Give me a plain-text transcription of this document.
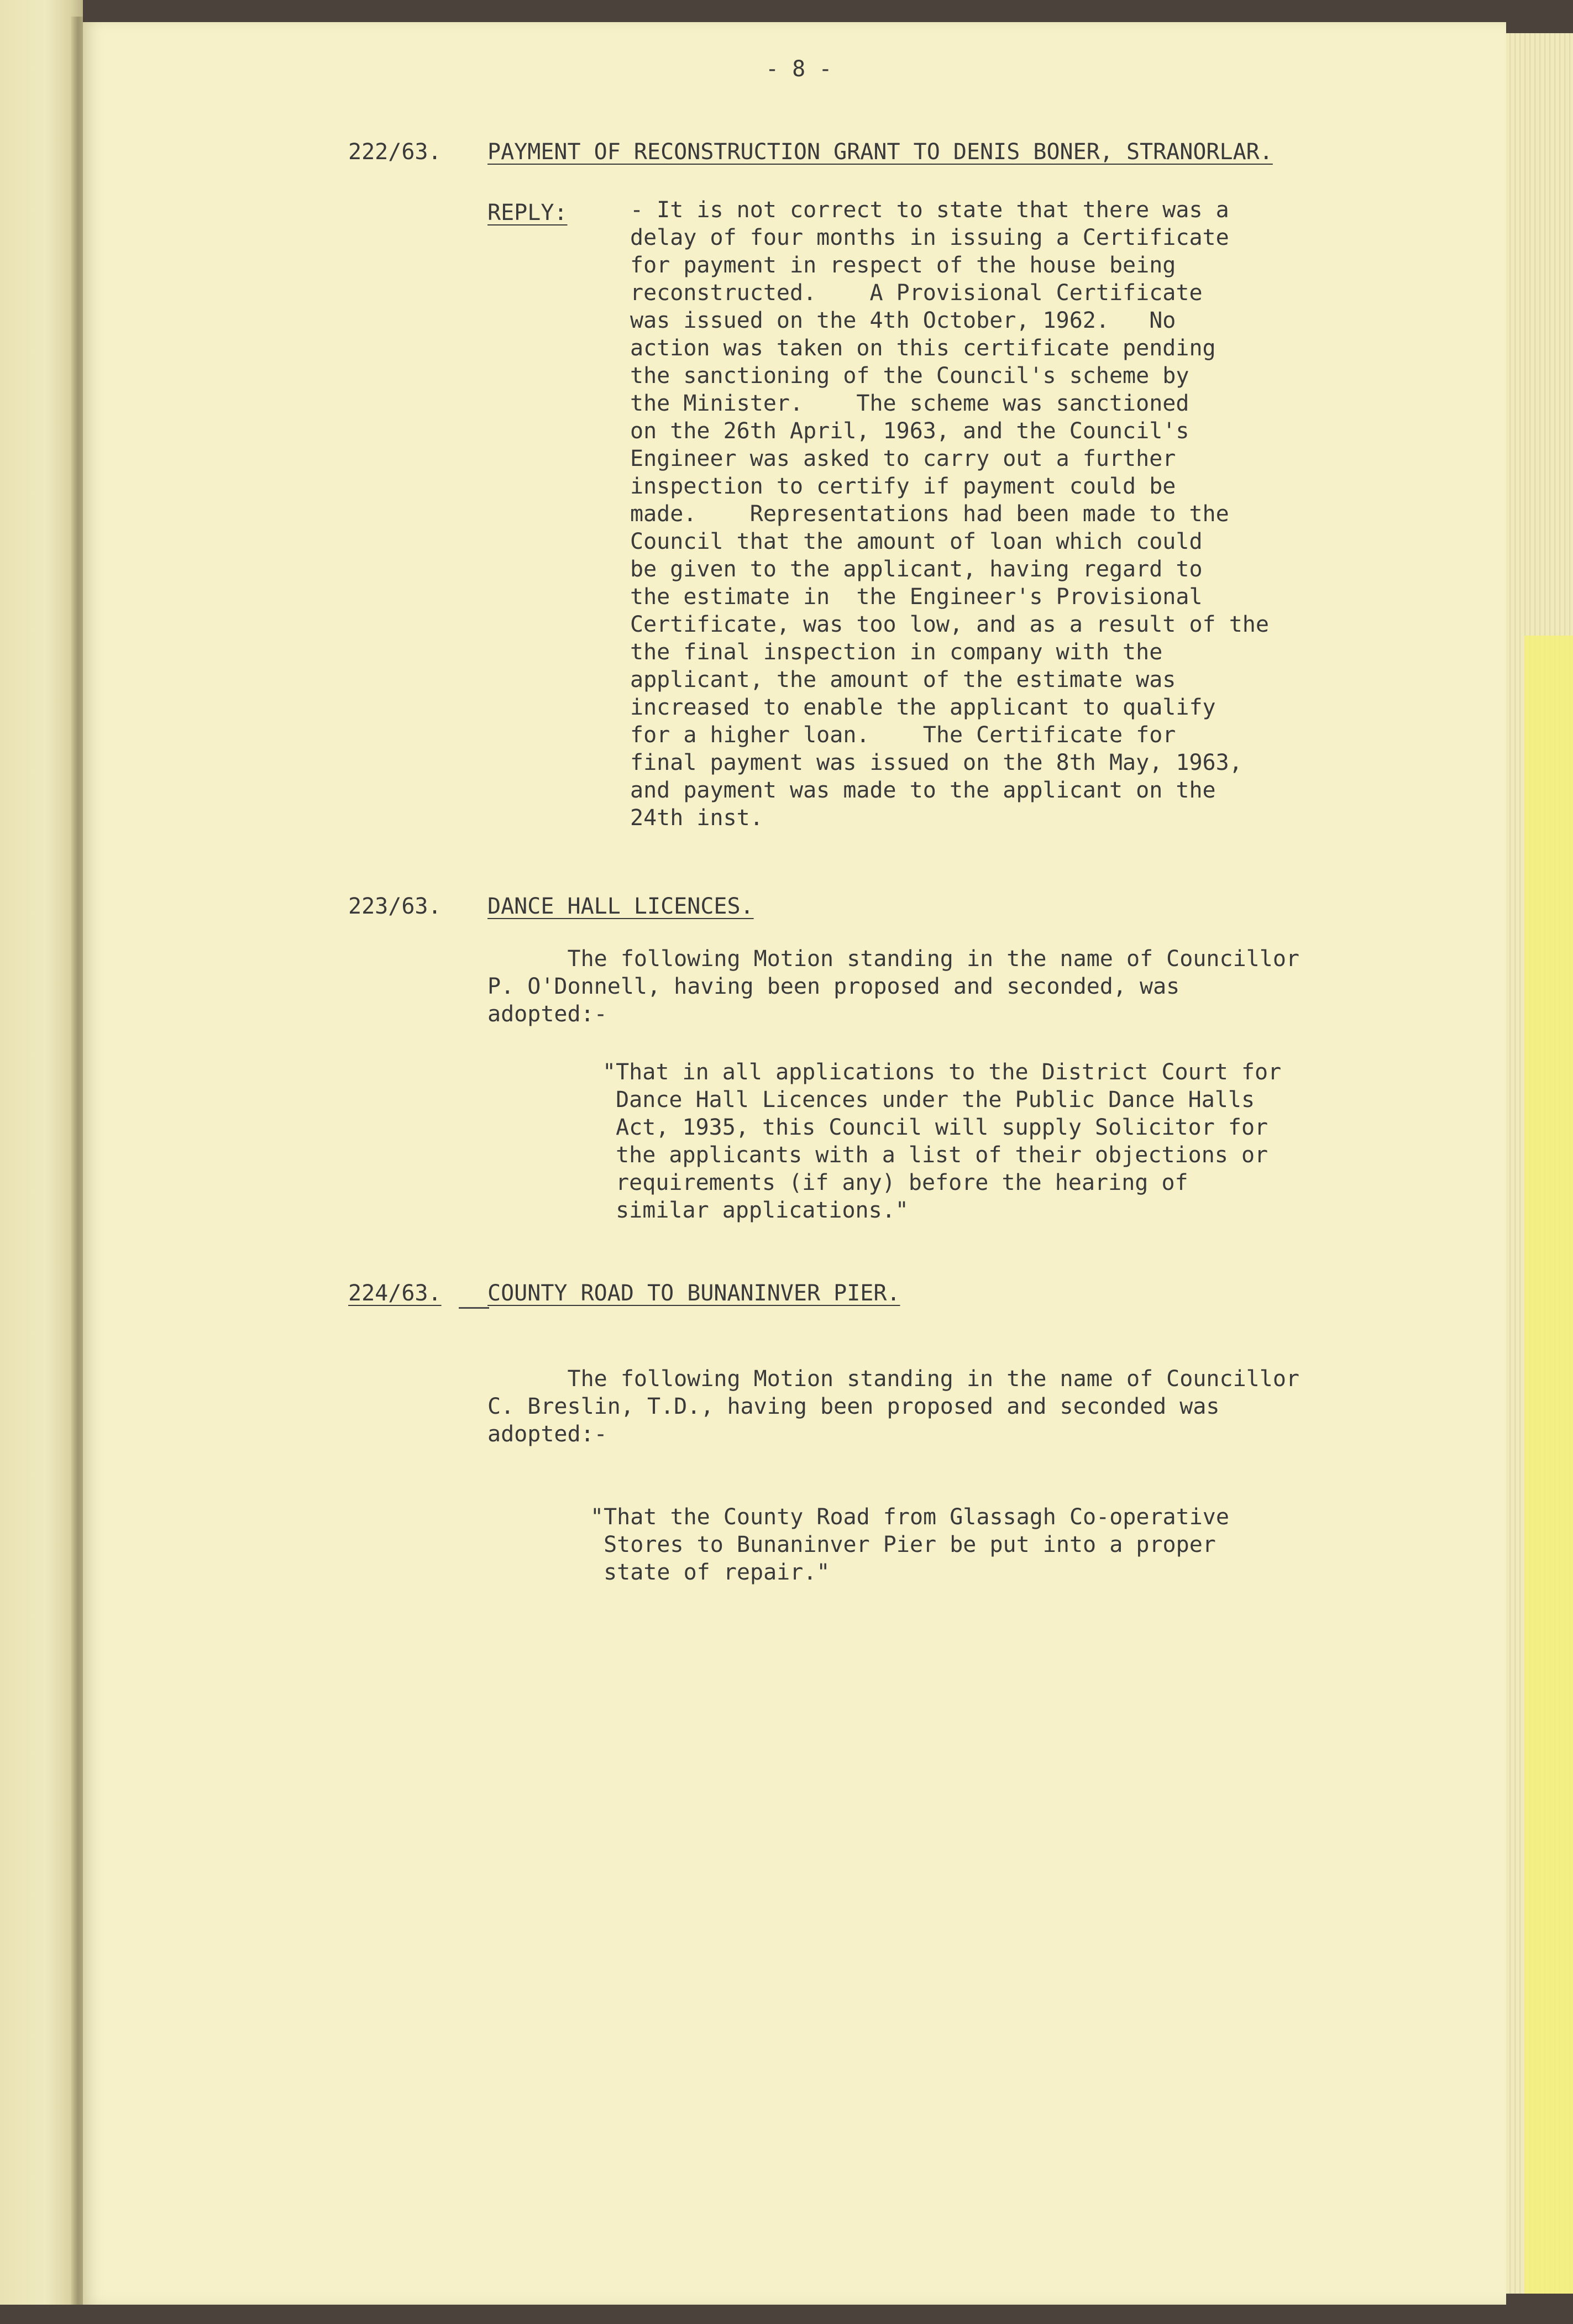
- 8 -

222/63. PAYMENT OF RECONSTRUCTION GRANT TO DENIS BONER, STRANORLAR.

REPLY:

223/63. DANCE HALL LICENCES.

224/63. COUNTY ROAD TO BUNANINVER PIER.

- It is not correct to state that there was a

delay of four months in issuing a Certificate

for payment in respect of the house being

reconstructed.    A Provisional Certificate

was issued on the 4th October, 1962.   No

action was taken on this certificate pending

the sanctioning of the Council's scheme by

the Minister.    The scheme was sanctioned

on the 26th April, 1963, and the Council's

Engineer was asked to carry out a further

inspection to certify if payment could be

made.    Representations had been made to the

Council that the amount of loan which could

be given to the applicant, having regard to

the estimate in  the Engineer's Provisional

Certificate, was too low, and as a result of the

the final inspection in company with the

applicant, the amount of the estimate was

increased to enable the applicant to qualify

for a higher loan.    The Certificate for

final payment was issued on the 8th May, 1963,

and payment was made to the applicant on the

24th inst.

The following Motion standing in the name of Councillor

P. O'Donnell, having been proposed and seconded, was

adopted:-

"That in all applications to the District Court for

Dance Hall Licences under the Public Dance Halls

Act, 1935, this Council will supply Solicitor for

the applicants with a list of their objections or

requirements (if any) before the hearing of

similar applications."

The following Motion standing in the name of Councillor

C. Breslin, T.D., having been proposed and seconded was

adopted:-

"That the County Road from Glassagh Co-operative

Stores to Bunaninver Pier be put into a proper

state of repair."
